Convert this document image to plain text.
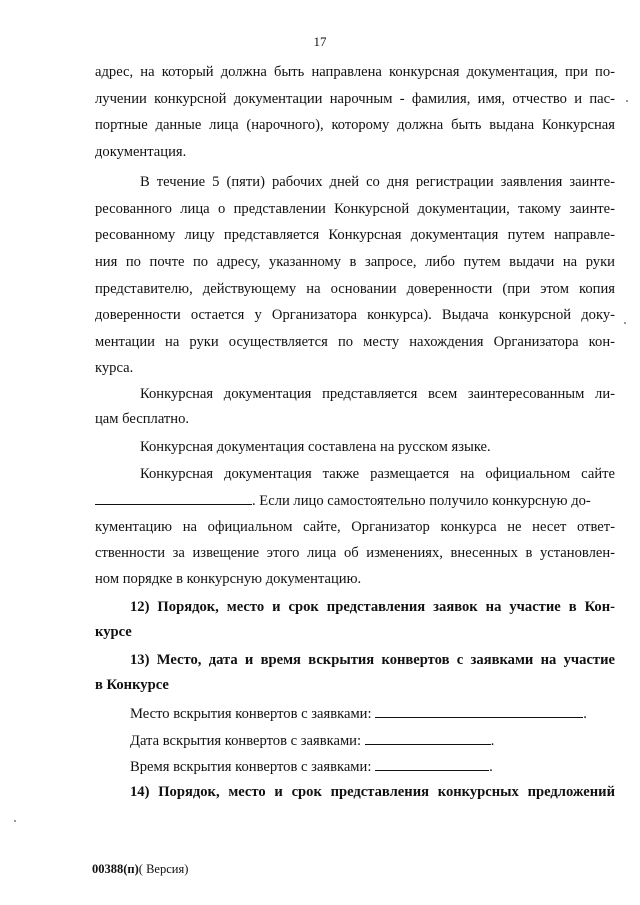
17
адрес, на который должна быть направлена конкурсная документация, при по-
лучении конкурсной документации нарочным - фамилия, имя, отчество и пас-
портные данные лица (нарочного), которому должна быть выдана Конкурсная
документация.
В течение 5 (пяти) рабочих дней со дня регистрации заявления заинте-
ресованного лица о представлении Конкурсной документации, такому заинте-
ресованному лицу представляется Конкурсная документация путем направле-
ния по почте по адресу, указанному в запросе, либо путем выдачи на руки
представителю, действующему на основании доверенности (при этом копия
доверенности остается у Организатора конкурса). Выдача конкурсной доку-
ментации на руки осуществляется по месту нахождения Организатора кон-
курса.
Конкурсная документация представляется всем заинтересованным ли-
цам бесплатно.
Конкурсная документация составлена на русском языке.
Конкурсная документация также размещается на официальном сайте
. Если лицо самостоятельно получило конкурсную до-
кументацию на официальном сайте, Организатор конкурса не несет ответ-
ственности за извещение этого лица об изменениях, внесенных в установлен-
ном порядке в конкурсную документацию.
12) Порядок, место и срок представления заявок на участие в Кон-
курсе
13) Место, дата и время вскрытия конвертов с заявками на участие
в Конкурсе
Место вскрытия конвертов с заявками:	.
Дата вскрытия конвертов с заявками:	.
Время вскрытия конвертов с заявками:	.
14) Порядок, место и срок представления конкурсных предложений
00388(п)( Версия)
